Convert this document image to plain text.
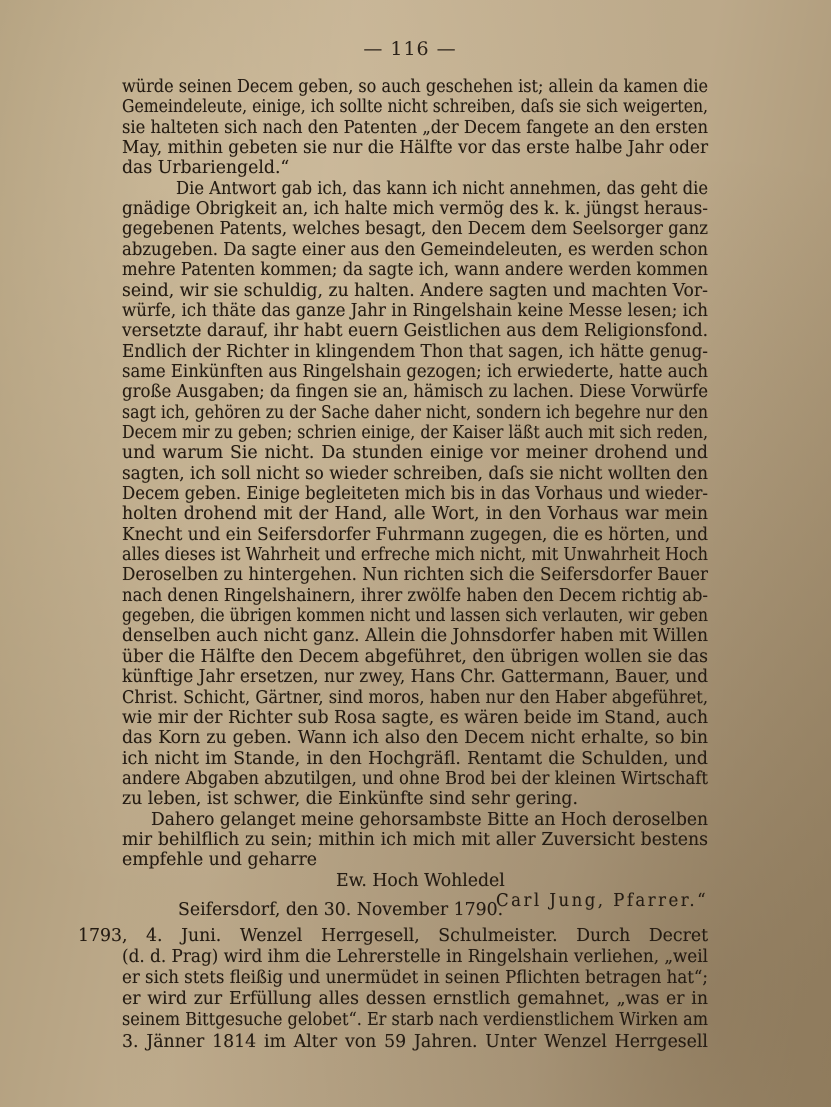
— 116 —
würde seinen Decem geben, so auch geschehen ist; allein da kamen die
Gemeindeleute, einige, ich sollte nicht schreiben, daſs sie sich weigerten,
sie halteten sich nach den Patenten „der Decem fangete an den ersten
May, mithin gebeten sie nur die Hälfte vor das erste halbe Jahr oder
das Urbariengeld.“
Die Antwort gab ich, das kann ich nicht annehmen, das geht die
gnädige Obrigkeit an, ich halte mich vermög des k. k. jüngst heraus-
gegebenen Patents, welches besagt, den Decem dem Seelsorger ganz
abzugeben. Da sagte einer aus den Gemeindeleuten, es werden schon
mehre Patenten kommen; da sagte ich, wann andere werden kommen
seind, wir sie schuldig, zu halten. Andere sagten und machten Vor-
würfe, ich thäte das ganze Jahr in Ringelshain keine Messe lesen; ich
versetzte darauf, ihr habt euern Geistlichen aus dem Religionsfond.
Endlich der Richter in klingendem Thon that sagen, ich hätte genug-
same Einkünften aus Ringelshain gezogen; ich erwiederte, hatte auch
große Ausgaben; da fingen sie an, hämisch zu lachen. Diese Vorwürfe
sagt ich, gehören zu der Sache daher nicht, sondern ich begehre nur den
Decem mir zu geben; schrien einige, der Kaiser läßt auch mit sich reden,
und warum Sie nicht. Da stunden einige vor meiner drohend und
sagten, ich soll nicht so wieder schreiben, daſs sie nicht wollten den
Decem geben. Einige begleiteten mich bis in das Vorhaus und wieder-
holten drohend mit der Hand, alle Wort, in den Vorhaus war mein
Knecht und ein Seifersdorfer Fuhrmann zugegen, die es hörten, und
alles dieses ist Wahrheit und erfreche mich nicht, mit Unwahrheit Hoch
Deroselben zu hintergehen. Nun richten sich die Seifersdorfer Bauer
nach denen Ringelshainern, ihrer zwölfe haben den Decem richtig ab-
gegeben, die übrigen kommen nicht und lassen sich verlauten, wir geben
denselben auch nicht ganz. Allein die Johnsdorfer haben mit Willen
über die Hälfte den Decem abgeführet, den übrigen wollen sie das
künftige Jahr ersetzen, nur zwey, Hans Chr. Gattermann, Bauer, und
Christ. Schicht, Gärtner, sind moros, haben nur den Haber abgeführet,
wie mir der Richter sub Rosa sagte, es wären beide im Stand, auch
das Korn zu geben. Wann ich also den Decem nicht erhalte, so bin
ich nicht im Stande, in den Hochgräfl. Rentamt die Schulden, und
andere Abgaben abzutilgen, und ohne Brod bei der kleinen Wirtschaft
zu leben, ist schwer, die Einkünfte sind sehr gering.
Dahero gelanget meine gehorsambste Bitte an Hoch deroselben
mir behilflich zu sein; mithin ich mich mit aller Zuversicht bestens
empfehle und geharre
Ew. Hoch Wohledel
Carl Jung, Pfarrer.“
Seifersdorf, den 30. November 1790.
1793, 4. Juni. Wenzel Herrgesell, Schulmeister. Durch Decret
(d. d. Prag) wird ihm die Lehrerstelle in Ringelshain verliehen, „weil
er sich stets fleißig und unermüdet in seinen Pflichten betragen hat“;
er wird zur Erfüllung alles dessen ernstlich gemahnet, „was er in
seinem Bittgesuche gelobet“. Er starb nach verdienstlichem Wirken am
3. Jänner 1814 im Alter von 59 Jahren. Unter Wenzel Herrgesell
